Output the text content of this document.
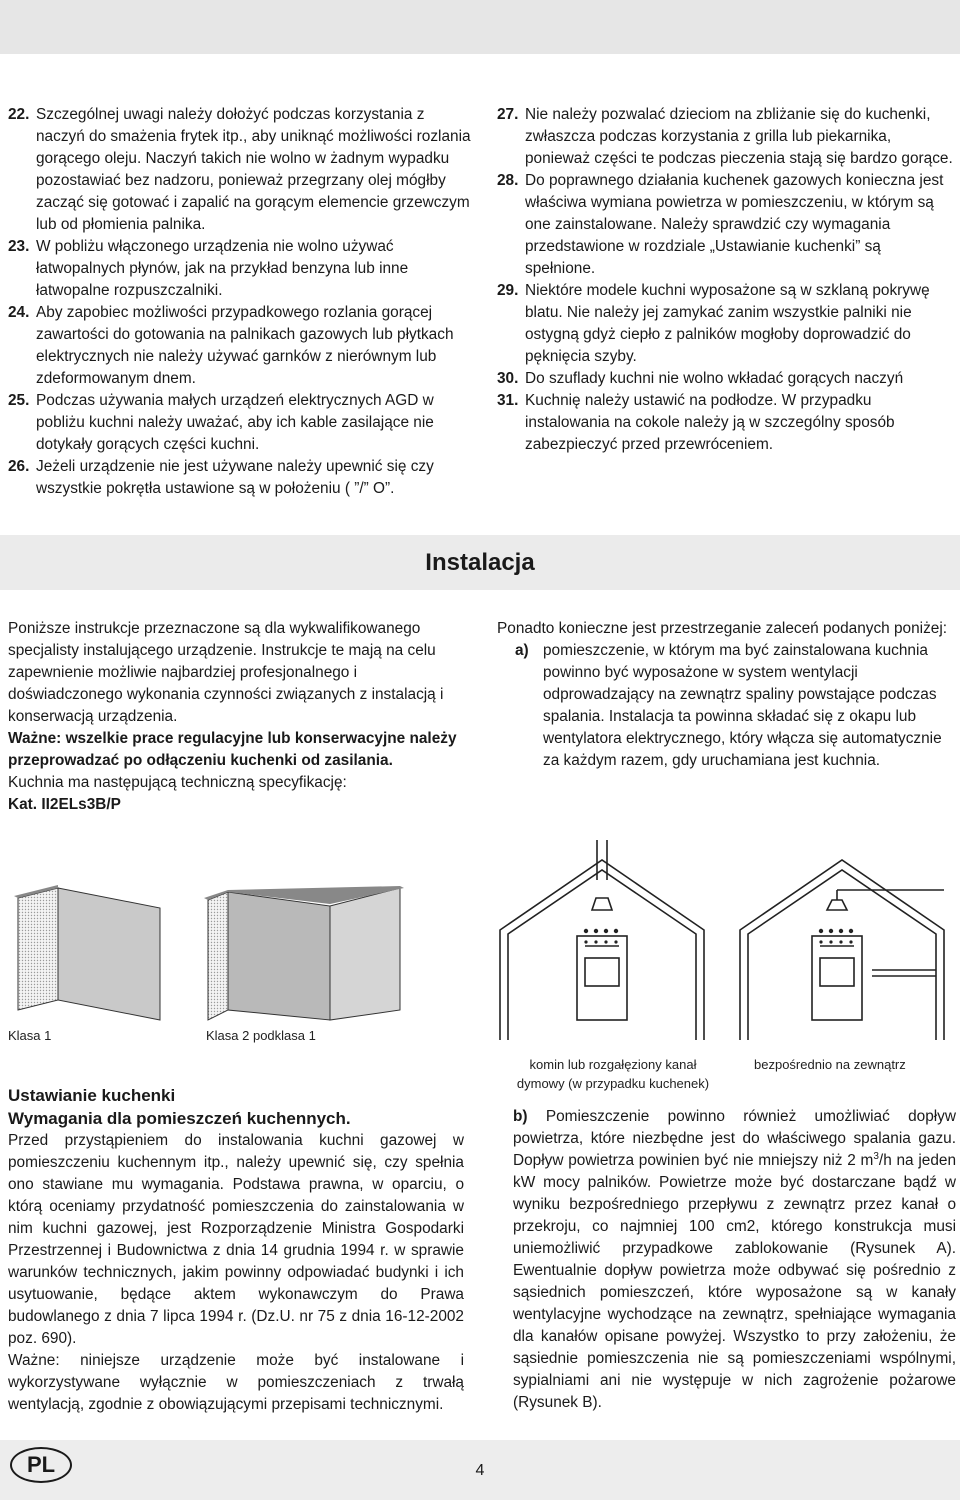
22. Szczególnej uwagi należy dołożyć podczas korzystania z naczyń do smażenia frytek itp., aby uniknąć możliwości rozlania gorącego oleju. Naczyń takich nie wolno w żadnym wypadku pozostawiać bez nadzoru, ponieważ przegrzany olej mógłby zacząć się gotować i zapalić na gorącym elemencie grzewczym lub od płomienia palnika.

23. W pobliżu włączonego urządzenia nie wolno używać łatwopalnych płynów, jak na przykład benzyna lub inne łatwopalne rozpuszczalniki.

24. Aby zapobiec możliwości przypadkowego rozlania gorącej zawartości do gotowania na palnikach gazowych lub płytkach elektrycznych nie należy używać garnków z nierównym lub zdeformowanym dnem.

25. Podczas używania małych urządzeń elektrycznych AGD w pobliżu kuchni należy uważać, aby ich kable zasilające nie dotykały gorących części kuchni.

26. Jeżeli urządzenie nie jest używane należy upewnić się czy wszystkie pokrętła ustawione są w położeniu ( ”/” O”.

27. Nie należy pozwalać dzieciom na zbliżanie się do kuchenki, zwłaszcza podczas korzystania z grilla lub piekarnika, ponieważ części te podczas pieczenia stają się bardzo gorące.

28. Do poprawnego działania kuchenek gazowych konieczna jest właściwa wymiana powietrza w pomieszczeniu, w którym są one zainstalowane. Należy sprawdzić czy wymagania przedstawione w rozdziale „Ustawianie kuchenki” są spełnione.

29. Niektóre modele kuchni wyposażone są w szklaną pokrywę blatu. Nie należy jej zamykać zanim wszystkie palniki nie ostygną gdyż ciepło z palników mogłoby doprowadzić do pęknięcia szyby.

30. Do szuflady kuchni nie wolno wkładać gorących naczyń

31. Kuchnię należy ustawić na podłodze. W przypadku instalowania na cokole należy ją w szczególny sposób zabezpieczyć przed przewróceniem.

Instalacja

Poniższe instrukcje przeznaczone są dla wykwalifikowanego specjalisty instalującego urządzenie. Instrukcje te mają na celu zapewnienie możliwie najbardziej profesjonalnego i doświadczonego wykonania czynności związanych z instalacją i konserwacją urządzenia.

Ważne: wszelkie prace regulacyjne lub konserwacyjne należy przeprowadzać po odłączeniu kuchenki od zasilania.

Kuchnia ma następującą techniczną specyfikację:

Kat. II2ELs3B/P

Ponadto konieczne jest przestrzeganie zaleceń podanych poniżej:

a) pomieszczenie, w którym ma być zainstalowana kuchnia powinno być wyposażone w system wentylacji odprowadzający na zewnątrz spaliny powstające podczas spalania. Instalacja ta powinna składać się z okapu lub wentylatora elektrycznego, który włącza się automatycznie za każdym razem, gdy uruchamiana jest kuchnia.

Klasa 1	Klasa 2 podklasa 1
komin lub rozgałęziony kanał dymowy (w przypadku kuchenek)
bezpośrednio na zewnątrz

Ustawianie kuchenki

Wymagania dla pomieszczeń kuchennych.

Przed przystąpieniem do instalowania kuchni gazowej w pomieszczeniu kuchennym itp., należy upewnić się, czy spełnia ono stawiane mu wymagania. Podstawa prawna, w oparciu, o którą oceniamy przydatność pomieszczenia do zainstalowania w nim kuchni gazowej, jest Rozporządzenie Ministra Gospodarki Przestrzennej i Budownictwa z dnia 14 grudnia 1994 r. w sprawie warunków technicznych, jakim powinny odpowiadać budynki i ich usytuowanie, będące aktem wykonawczym do Prawa budowlanego z dnia 7 lipca 1994 r. (Dz.U. nr 75 z dnia 16-12-2002 poz. 690).

Ważne: niniejsze urządzenie może być instalowane i wykorzystywane wyłącznie w pomieszczeniach z trwałą wentylacją, zgodnie z obowiązującymi przepisami technicznymi.

b) Pomieszczenie powinno również umożliwiać dopływ powietrza, które niezbędne jest do właściwego spalania gazu. Dopływ powietrza powinien być nie mniejszy niż 2 $m^3/h$ na jeden kW mocy palników. Powietrze może być dostarczane bądź w wyniku bezpośredniego przepływu z zewnątrz przez kanał o przekroju, co najmniej 100 cm2, którego konstrukcja musi uniemożliwić przypadkowe zablokowanie (Rysunek A). Ewentualnie dopływ powietrza może odbywać się pośrednio z sąsiednich pomieszczeń, które wyposażone są w kanały wentylacyjne wychodzące na zewnątrz, spełniające wymagania dla kanałów opisane powyżej. Wszystko to przy założeniu, że sąsiednie pomieszczenia nie są pomieszczeniami wspólnymi, sypialniami ani nie występuje w nich zagrożenie pożarowe (Rysunek B).

PL	4
